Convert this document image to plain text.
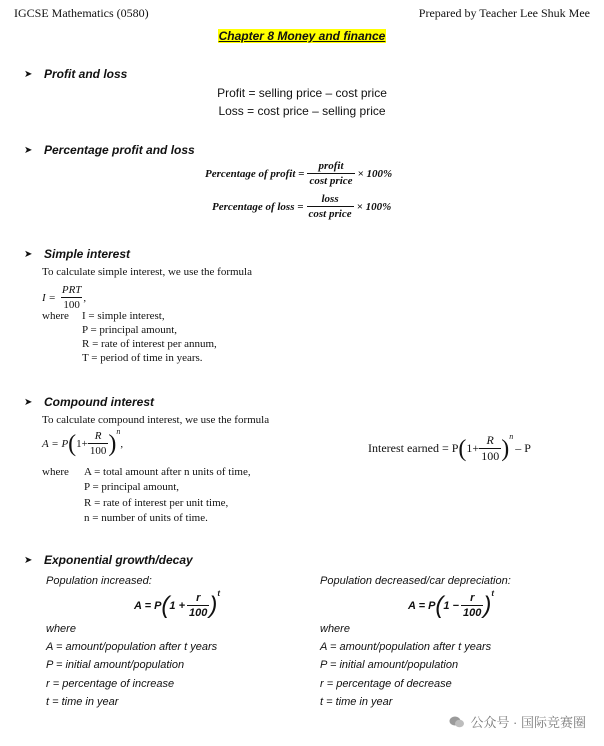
IGCSE Mathematics (0580)	Prepared by Teacher Lee Shuk Mee
Chapter 8 Money and finance
➤ Profit and loss
Profit = selling price – cost price
Loss = cost price – selling price
➤ Percentage profit and loss
Percentage of profit = $\frac{\text{profit}}{\text{cost price}} \times 100\%$
Percentage of loss = $\frac{\text{loss}}{\text{cost price}} \times 100\%$
➤ Simple interest
To calculate simple interest, we use the formula
$I = \frac{\text{PRT}}{100}$ ,
where I = simple interest,
P = principal amount,
R = rate of interest per annum,
T = period of time in years.
➤ Compound interest
To calculate compound interest, we use the formula
A = P ( $1+ \frac{R}{100}$ ) n
,	Interest earned = P ( $1+ \frac{R}{100}$ ) n
– P
where A = total amount after n units of time,
P = principal amount,
R = rate of interest per unit time,
n = number of units of time.
➤ Exponential growth/decay
Population increased:
A = P ( $1 + \frac{r}{100}$ ) t
where
A = amount/population after t years
P = initial amount/population
r = percentage of increase
t = time in year
Population decreased/car depreciation:
A = P ( $1 - \frac{r}{100}$ ) t
where
A = amount/population after t years
P = initial amount/population
r = percentage of decrease
t = time in year
公众号 · 国际竞赛圈
